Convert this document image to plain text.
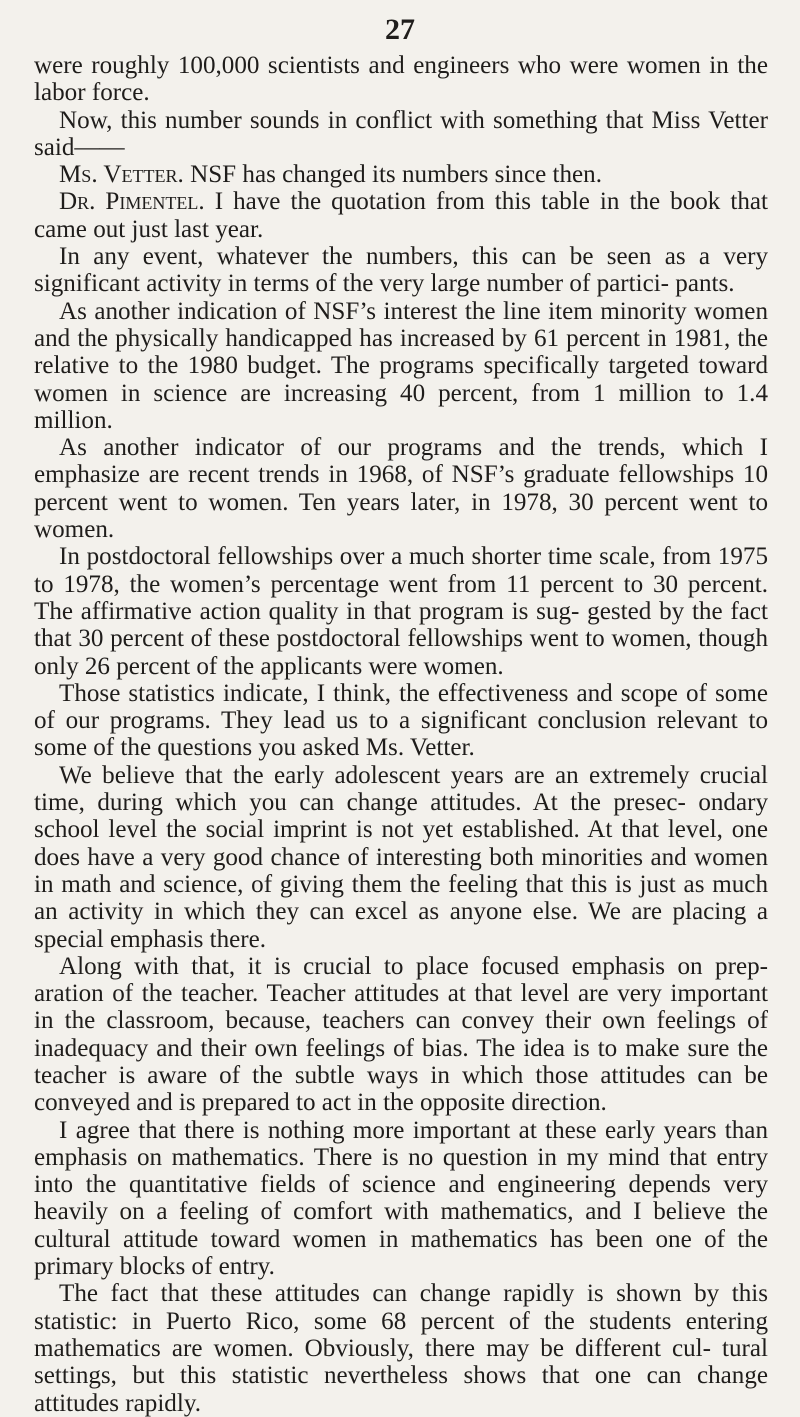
27

were roughly 100,000 scientists and engineers who were women in the labor force.

Now, this number sounds in conflict with something that Miss Vetter said——

Ms. Vetter. NSF has changed its numbers since then.

Dr. Pimentel. I have the quotation from this table in the book that came out just last year.

In any event, whatever the numbers, this can be seen as a very significant activity in terms of the very large number of partici- pants.

As another indication of NSF’s interest the line item minority women and the physically handicapped has increased by 61 percent in 1981, the relative to the 1980 budget. The programs specifically targeted toward women in science are increasing 40 percent, from 1 million to 1.4 million.

As another indicator of our programs and the trends, which I emphasize are recent trends in 1968, of NSF’s graduate fellowships 10 percent went to women. Ten years later, in 1978, 30 percent went to women.

In postdoctoral fellowships over a much shorter time scale, from 1975 to 1978, the women’s percentage went from 11 percent to 30 percent. The affirmative action quality in that program is sug- gested by the fact that 30 percent of these postdoctoral fellowships went to women, though only 26 percent of the applicants were women.

Those statistics indicate, I think, the effectiveness and scope of some of our programs. They lead us to a significant conclusion relevant to some of the questions you asked Ms. Vetter.

We believe that the early adolescent years are an extremely crucial time, during which you can change attitudes. At the presec- ondary school level the social imprint is not yet established. At that level, one does have a very good chance of interesting both minorities and women in math and science, of giving them the feeling that this is just as much an activity in which they can excel as anyone else. We are placing a special emphasis there.

Along with that, it is crucial to place focused emphasis on prep- aration of the teacher. Teacher attitudes at that level are very important in the classroom, because, teachers can convey their own feelings of inadequacy and their own feelings of bias. The idea is to make sure the teacher is aware of the subtle ways in which those attitudes can be conveyed and is prepared to act in the opposite direction.

I agree that there is nothing more important at these early years than emphasis on mathematics. There is no question in my mind that entry into the quantitative fields of science and engineering depends very heavily on a feeling of comfort with mathematics, and I believe the cultural attitude toward women in mathematics has been one of the primary blocks of entry.

The fact that these attitudes can change rapidly is shown by this statistic: in Puerto Rico, some 68 percent of the students entering mathematics are women. Obviously, there may be different cul- tural settings, but this statistic nevertheless shows that one can change attitudes rapidly.
